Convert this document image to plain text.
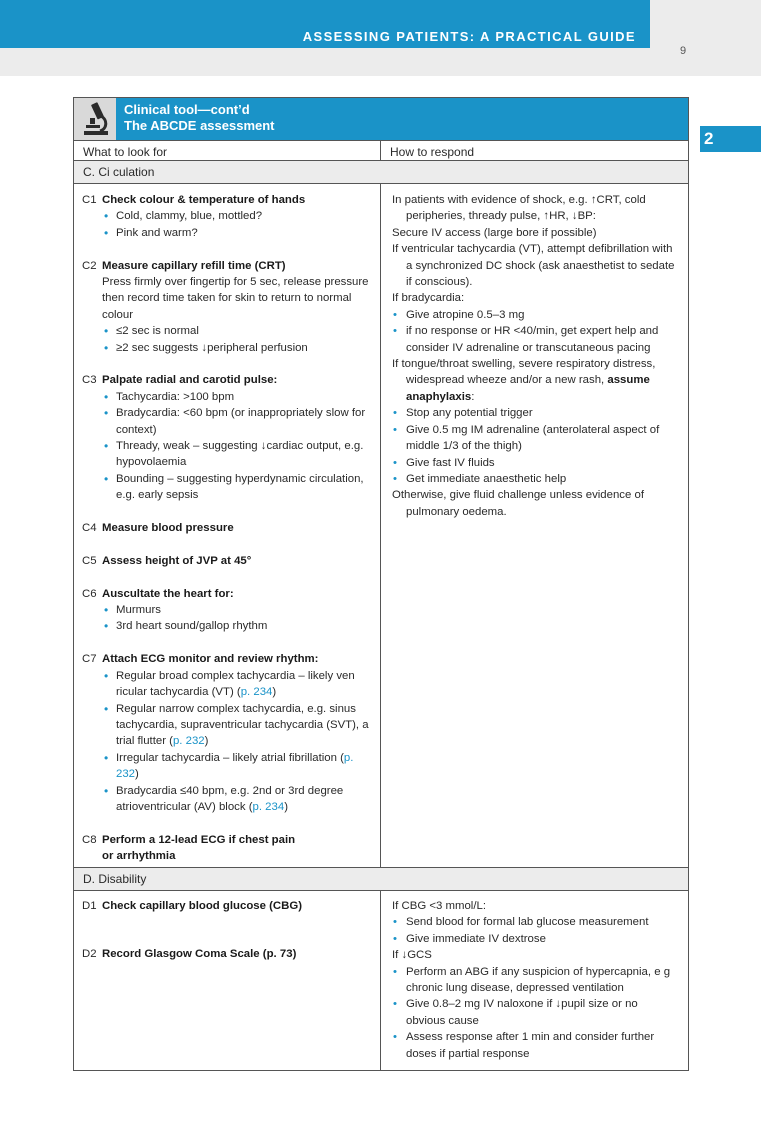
ASSESSING PATIENTS: A PRACTICAL GUIDE
9
2
Clinical tool—cont’d
The ABCDE assessment
What to look for	How to respond
C. Ci culation
C1 Check colour & temperature of hands
• Cold, clammy, blue, mottled?
• Pink and warm?
C2 Measure capillary refill time (CRT)
Press firmly over fingertip for 5 sec, release pressure then record time taken for skin to return to normal colour
• ≤2 sec is normal
• ≥2 sec suggests ↓peripheral perfusion
C3 Palpate radial and carotid pulse:
• Tachycardia: >100 bpm
• Bradycardia: <60 bpm (or inappropriately slow for context)
• Thready, weak – suggesting ↓cardiac output, e.g. hypovolaemia
• Bounding – suggesting hyperdynamic circulation, e.g. early sepsis
C4 Measure blood pressure
C5 Assess height of JVP at 45°
C6 Auscultate the heart for:
• Murmurs
• 3rd heart sound/gallop rhythm
C7 Attach ECG monitor and review rhythm:
• Regular broad complex tachycardia – likely ven ricular tachycardia (VT) (p. 234)
• Regular narrow complex tachycardia, e.g. sinus tachycardia, supraventricular tachycardia (SVT), a trial flutter (p. 232)
• Irregular tachycardia – likely atrial fibrillation (p. 232)
• Bradycardia ≤40 bpm, e.g. 2nd or 3rd degree atrioventricular (AV) block (p. 234)
C8 Perform a 12-lead ECG if chest pain or arrhythmia

In patients with evidence of shock, e.g. ↑CRT, cold peripheries, thready pulse, ↑HR, ↓BP:

Secure IV access (large bore if possible)

If ventricular tachycardia (VT), attempt defibrillation with a synchronized DC shock (ask anaesthetist to sedate if conscious).

If bradycardia:

• Give atropine 0.5–3 mg
• if no response or HR <40/min, get expert help and consider IV adrenaline or transcutaneous pacing

If tongue/throat swelling, severe respiratory distress, widespread wheeze and/or a new rash, assume anaphylaxis:

• Stop any potential trigger
• Give 0.5 mg IM adrenaline (anterolateral aspect of middle 1/3 of the thigh)
• Give fast IV fluids
• Get immediate anaesthetic help

Otherwise, give fluid challenge unless evidence of pulmonary oedema.

D. Disability
D1 Check capillary blood glucose (CBG)
D2 Record Glasgow Coma Scale (p. 73)

If CBG <3 mmol/L:

• Send blood for formal lab glucose measurement
• Give immediate IV dextrose

If ↓GCS

• Perform an ABG if any suspicion of hypercapnia, e g chronic lung disease, depressed ventilation
• Give 0.8–2 mg IV naloxone if ↓pupil size or no obvious cause
• Assess response after 1 min and consider further doses if partial response
